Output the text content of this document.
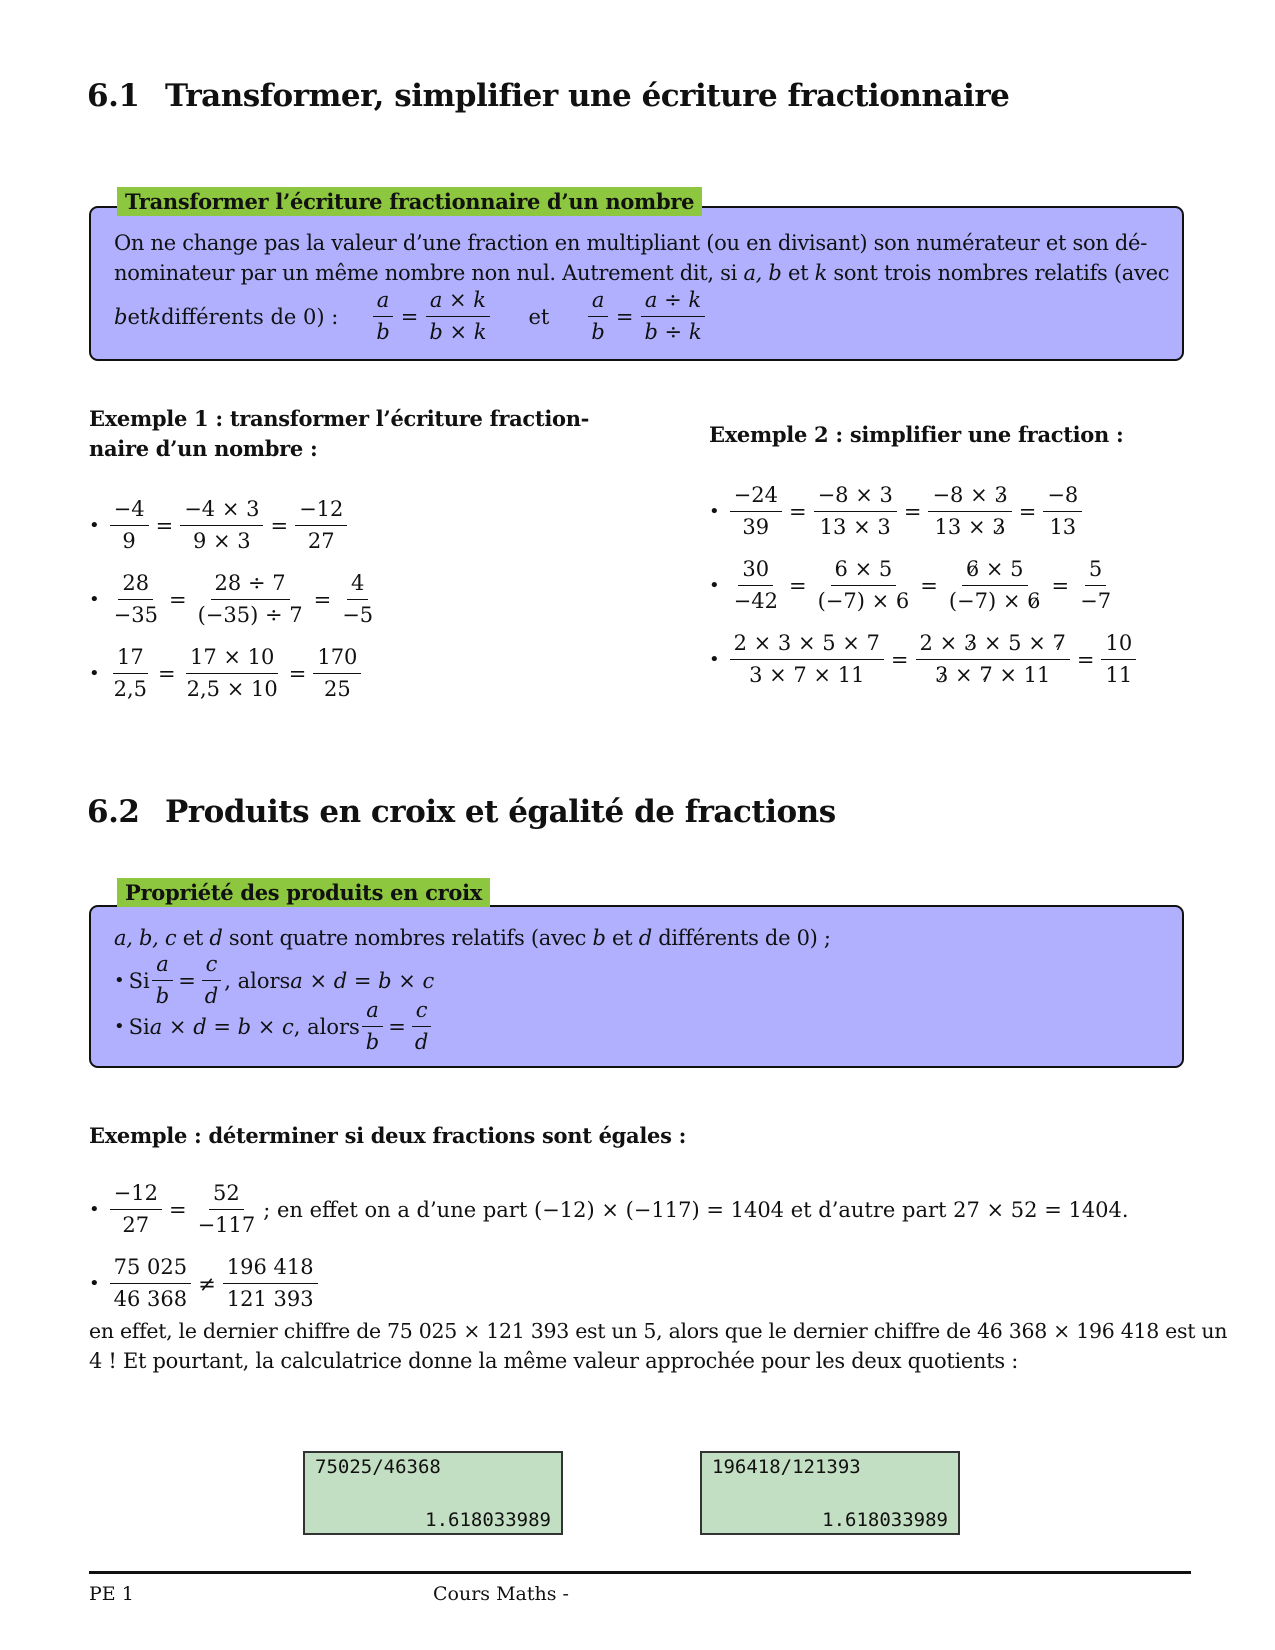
6.1 Transformer, simplifier une écriture fractionnaire
On ne change pas la valeur d’une fraction en multipliant (ou en divisant) son numérateur et son dé-
nominateur par un même nombre non nul. Autrement dit, si a, b et k sont trois nombres relatifs (avec
b et k différents de 0) : $\frac{a}{b} = \frac{a \times k}{b \times k}$ et $\frac{a}{b} = \frac{a \div k}{b \div k}$
Transformer l’écriture fractionnaire d’un nombre
Exemple 1 : transformer l’écriture fraction-
naire d’un nombre :
• $\frac{-4}{9} = \frac{-4 \times 3}{9 \times 3} = \frac{-12}{27}$
• $\frac{28}{-35} = \frac{28 \div 7}{(-35) \div 7} = \frac{4}{-5}$
• $\frac{17}{2,5} = \frac{17 \times 10}{2,5 \times 10} = \frac{170}{25}$
Exemple 2 : simplifier une fraction :
• $\frac{-24}{39} = \frac{-8 \times 3}{13 \times 3} = \frac{-8 \times 3}{13 \times 3} = \frac{-8}{13}$
• $\frac{30}{-42} = \frac{6 \times 5}{(-7) \times 6} = \frac{6 \times 5}{(-7) \times 6} = \frac{5}{-7}$
• $\frac{2 \times 3 \times 5 \times 7}{3 \times 7 \times 11} = \frac{2 \times 3 \times 5 \times 7}{3 \times 7 \times 11} = \frac{10}{11}$
6.2 Produits en croix et égalité de fractions
a, b, c et d sont quatre nombres relatifs (avec b et d différents de 0) ;
• Si $\frac{a}{b} = \frac{c}{d}$ , alors a × d = b × c
• Si a × d = b × c , alors $\frac{a}{b} = \frac{c}{d}$
Propriété des produits en croix
Exemple : déterminer si deux fractions sont égales :
• $\frac{-12}{27} = \frac{52}{-117}$ ; en effet on a d’une part (−12) × (−117) = 1404 et d’autre part 27 × 52 = 1404.
• $\frac{75 025}{46 368} \ne \frac{196 418}{121 393}$
en effet, le dernier chiffre de 75 025 × 121 393 est un 5, alors que le dernier chiffre de 46 368 × 196 418 est un
4 ! Et pourtant, la calculatrice donne la même valeur approchée pour les deux quotients :
75025/46368
1.618033989
196418/121393
1.618033989
PE 1	Cours Maths -
